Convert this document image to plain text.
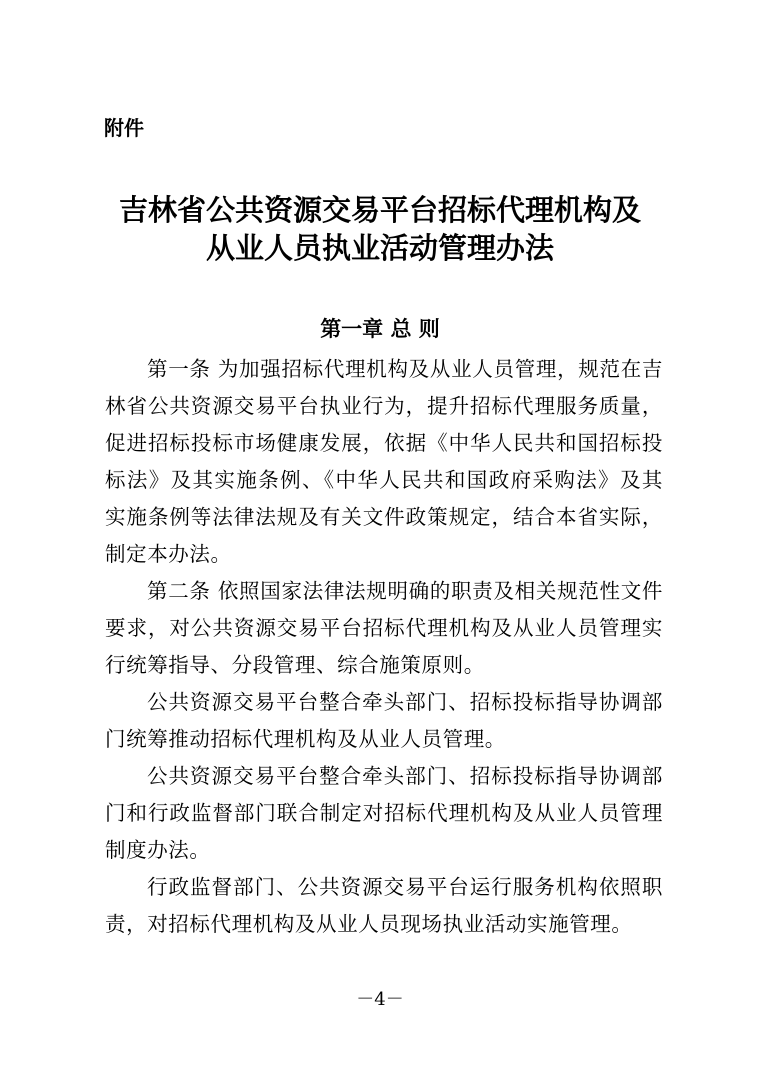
附件
吉林省公共资源交易平台招标代理机构及
从业人员执业活动管理办法
第一章 总 则

第一条 为加强招标代理机构及从业人员管理，规范在吉林省公共资源交易平台执业行为，提升招标代理服务质量，促进招标投标市场健康发展，依据《中华人民共和国招标投标法》及其实施条例、《中华人民共和国政府采购法》及其实施条例等法律法规及有关文件政策规定，结合本省实际，制定本办法。

第二条 依照国家法律法规明确的职责及相关规范性文件要求，对公共资源交易平台招标代理机构及从业人员管理实行统筹指导、分段管理、综合施策原则。

公共资源交易平台整合牵头部门、招标投标指导协调部门统筹推动招标代理机构及从业人员管理。

公共资源交易平台整合牵头部门、招标投标指导协调部门和行政监督部门联合制定对招标代理机构及从业人员管理制度办法。

行政监督部门、公共资源交易平台运行服务机构依照职责，对招标代理机构及从业人员现场执业活动实施管理。

－4－
